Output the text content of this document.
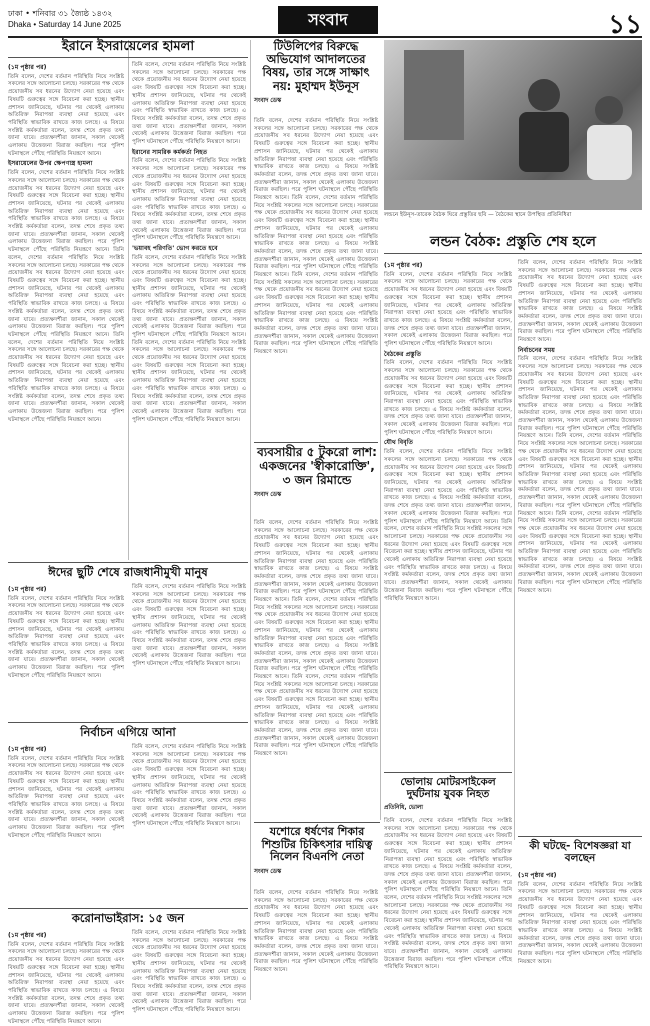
ঢাকা • শনিবার ৩১ জ্যৈষ্ঠ ১৪৩২
Dhaka • Saturday 14 June 2025	সংবাদ	১১
ইরানে ইসরায়েলের হামলা
(১ম পৃষ্ঠার পর)
তিনি বলেন, দেশের বর্তমান পরিস্থিতি নিয়ে সংশ্লিষ্ট সকলের সঙ্গে আলোচনা চলছে। সরকারের পক্ষ থেকে প্রয়োজনীয় সব ধরনের উদ্যোগ নেয়া হয়েছে এবং বিষয়টি গুরুত্বের সঙ্গে বিবেচনা করা হচ্ছে। স্থানীয় প্রশাসন জানিয়েছে, ঘটনার পর থেকেই এলাকায় অতিরিক্ত নিরাপত্তা ব্যবস্থা নেয়া হয়েছে এবং পরিস্থিতি স্বাভাবিক রাখতে কাজ চলছে। এ বিষয়ে সংশ্লিষ্ট কর্মকর্তারা বলেন, তদন্ত শেষে প্রকৃত তথ্য জানা যাবে। প্রত্যক্ষদর্শীরা জানান, সকাল থেকেই এলাকায় উত্তেজনা বিরাজ করছিল। পরে পুলিশ ঘটনাস্থলে পৌঁছে পরিস্থিতি নিয়ন্ত্রণে আনে।
ইসরায়েলের উপর ক্ষেপণাস্ত্র হামলা
তিনি বলেন, দেশের বর্তমান পরিস্থিতি নিয়ে সংশ্লিষ্ট সকলের সঙ্গে আলোচনা চলছে। সরকারের পক্ষ থেকে প্রয়োজনীয় সব ধরনের উদ্যোগ নেয়া হয়েছে এবং বিষয়টি গুরুত্বের সঙ্গে বিবেচনা করা হচ্ছে। স্থানীয় প্রশাসন জানিয়েছে, ঘটনার পর থেকেই এলাকায় অতিরিক্ত নিরাপত্তা ব্যবস্থা নেয়া হয়েছে এবং পরিস্থিতি স্বাভাবিক রাখতে কাজ চলছে। এ বিষয়ে সংশ্লিষ্ট কর্মকর্তারা বলেন, তদন্ত শেষে প্রকৃত তথ্য জানা যাবে। প্রত্যক্ষদর্শীরা জানান, সকাল থেকেই এলাকায় উত্তেজনা বিরাজ করছিল। পরে পুলিশ ঘটনাস্থলে পৌঁছে পরিস্থিতি নিয়ন্ত্রণে আনে। তিনি বলেন, দেশের বর্তমান পরিস্থিতি নিয়ে সংশ্লিষ্ট সকলের সঙ্গে আলোচনা চলছে। সরকারের পক্ষ থেকে প্রয়োজনীয় সব ধরনের উদ্যোগ নেয়া হয়েছে এবং বিষয়টি গুরুত্বের সঙ্গে বিবেচনা করা হচ্ছে। স্থানীয় প্রশাসন জানিয়েছে, ঘটনার পর থেকেই এলাকায় অতিরিক্ত নিরাপত্তা ব্যবস্থা নেয়া হয়েছে এবং পরিস্থিতি স্বাভাবিক রাখতে কাজ চলছে। এ বিষয়ে সংশ্লিষ্ট কর্মকর্তারা বলেন, তদন্ত শেষে প্রকৃত তথ্য জানা যাবে। প্রত্যক্ষদর্শীরা জানান, সকাল থেকেই এলাকায় উত্তেজনা বিরাজ করছিল। পরে পুলিশ ঘটনাস্থলে পৌঁছে পরিস্থিতি নিয়ন্ত্রণে আনে। তিনি বলেন, দেশের বর্তমান পরিস্থিতি নিয়ে সংশ্লিষ্ট সকলের সঙ্গে আলোচনা চলছে। সরকারের পক্ষ থেকে প্রয়োজনীয় সব ধরনের উদ্যোগ নেয়া হয়েছে এবং বিষয়টি গুরুত্বের সঙ্গে বিবেচনা করা হচ্ছে। স্থানীয় প্রশাসন জানিয়েছে, ঘটনার পর থেকেই এলাকায় অতিরিক্ত নিরাপত্তা ব্যবস্থা নেয়া হয়েছে এবং পরিস্থিতি স্বাভাবিক রাখতে কাজ চলছে। এ বিষয়ে সংশ্লিষ্ট কর্মকর্তারা বলেন, তদন্ত শেষে প্রকৃত তথ্য জানা যাবে। প্রত্যক্ষদর্শীরা জানান, সকাল থেকেই এলাকায় উত্তেজনা বিরাজ করছিল। পরে পুলিশ ঘটনাস্থলে পৌঁছে পরিস্থিতি নিয়ন্ত্রণে আনে।
তিনি বলেন, দেশের বর্তমান পরিস্থিতি নিয়ে সংশ্লিষ্ট সকলের সঙ্গে আলোচনা চলছে। সরকারের পক্ষ থেকে প্রয়োজনীয় সব ধরনের উদ্যোগ নেয়া হয়েছে এবং বিষয়টি গুরুত্বের সঙ্গে বিবেচনা করা হচ্ছে। স্থানীয় প্রশাসন জানিয়েছে, ঘটনার পর থেকেই এলাকায় অতিরিক্ত নিরাপত্তা ব্যবস্থা নেয়া হয়েছে এবং পরিস্থিতি স্বাভাবিক রাখতে কাজ চলছে। এ বিষয়ে সংশ্লিষ্ট কর্মকর্তারা বলেন, তদন্ত শেষে প্রকৃত তথ্য জানা যাবে। প্রত্যক্ষদর্শীরা জানান, সকাল থেকেই এলাকায় উত্তেজনা বিরাজ করছিল। পরে পুলিশ ঘটনাস্থলে পৌঁছে পরিস্থিতি নিয়ন্ত্রণে আনে।
ইরানের সামরিক কর্মকর্তা নিহত
তিনি বলেন, দেশের বর্তমান পরিস্থিতি নিয়ে সংশ্লিষ্ট সকলের সঙ্গে আলোচনা চলছে। সরকারের পক্ষ থেকে প্রয়োজনীয় সব ধরনের উদ্যোগ নেয়া হয়েছে এবং বিষয়টি গুরুত্বের সঙ্গে বিবেচনা করা হচ্ছে। স্থানীয় প্রশাসন জানিয়েছে, ঘটনার পর থেকেই এলাকায় অতিরিক্ত নিরাপত্তা ব্যবস্থা নেয়া হয়েছে এবং পরিস্থিতি স্বাভাবিক রাখতে কাজ চলছে। এ বিষয়ে সংশ্লিষ্ট কর্মকর্তারা বলেন, তদন্ত শেষে প্রকৃত তথ্য জানা যাবে। প্রত্যক্ষদর্শীরা জানান, সকাল থেকেই এলাকায় উত্তেজনা বিরাজ করছিল। পরে পুলিশ ঘটনাস্থলে পৌঁছে পরিস্থিতি নিয়ন্ত্রণে আনে।
'ভয়াবহ পরিণতি' ভোগ করতে হবে
তিনি বলেন, দেশের বর্তমান পরিস্থিতি নিয়ে সংশ্লিষ্ট সকলের সঙ্গে আলোচনা চলছে। সরকারের পক্ষ থেকে প্রয়োজনীয় সব ধরনের উদ্যোগ নেয়া হয়েছে এবং বিষয়টি গুরুত্বের সঙ্গে বিবেচনা করা হচ্ছে। স্থানীয় প্রশাসন জানিয়েছে, ঘটনার পর থেকেই এলাকায় অতিরিক্ত নিরাপত্তা ব্যবস্থা নেয়া হয়েছে এবং পরিস্থিতি স্বাভাবিক রাখতে কাজ চলছে। এ বিষয়ে সংশ্লিষ্ট কর্মকর্তারা বলেন, তদন্ত শেষে প্রকৃত তথ্য জানা যাবে। প্রত্যক্ষদর্শীরা জানান, সকাল থেকেই এলাকায় উত্তেজনা বিরাজ করছিল। পরে পুলিশ ঘটনাস্থলে পৌঁছে পরিস্থিতি নিয়ন্ত্রণে আনে। তিনি বলেন, দেশের বর্তমান পরিস্থিতি নিয়ে সংশ্লিষ্ট সকলের সঙ্গে আলোচনা চলছে। সরকারের পক্ষ থেকে প্রয়োজনীয় সব ধরনের উদ্যোগ নেয়া হয়েছে এবং বিষয়টি গুরুত্বের সঙ্গে বিবেচনা করা হচ্ছে। স্থানীয় প্রশাসন জানিয়েছে, ঘটনার পর থেকেই এলাকায় অতিরিক্ত নিরাপত্তা ব্যবস্থা নেয়া হয়েছে এবং পরিস্থিতি স্বাভাবিক রাখতে কাজ চলছে। এ বিষয়ে সংশ্লিষ্ট কর্মকর্তারা বলেন, তদন্ত শেষে প্রকৃত তথ্য জানা যাবে। প্রত্যক্ষদর্শীরা জানান, সকাল থেকেই এলাকায় উত্তেজনা বিরাজ করছিল। পরে পুলিশ ঘটনাস্থলে পৌঁছে পরিস্থিতি নিয়ন্ত্রণে আনে।
টিউলিপের বিরুদ্ধে অভিযোগ আদালতের বিষয়, তার সঙ্গে সাক্ষাৎ নয়: মুহাম্মদ ইউনূস
সংবাদ ডেস্ক
তিনি বলেন, দেশের বর্তমান পরিস্থিতি নিয়ে সংশ্লিষ্ট সকলের সঙ্গে আলোচনা চলছে। সরকারের পক্ষ থেকে প্রয়োজনীয় সব ধরনের উদ্যোগ নেয়া হয়েছে এবং বিষয়টি গুরুত্বের সঙ্গে বিবেচনা করা হচ্ছে। স্থানীয় প্রশাসন জানিয়েছে, ঘটনার পর থেকেই এলাকায় অতিরিক্ত নিরাপত্তা ব্যবস্থা নেয়া হয়েছে এবং পরিস্থিতি স্বাভাবিক রাখতে কাজ চলছে। এ বিষয়ে সংশ্লিষ্ট কর্মকর্তারা বলেন, তদন্ত শেষে প্রকৃত তথ্য জানা যাবে। প্রত্যক্ষদর্শীরা জানান, সকাল থেকেই এলাকায় উত্তেজনা বিরাজ করছিল। পরে পুলিশ ঘটনাস্থলে পৌঁছে পরিস্থিতি নিয়ন্ত্রণে আনে। তিনি বলেন, দেশের বর্তমান পরিস্থিতি নিয়ে সংশ্লিষ্ট সকলের সঙ্গে আলোচনা চলছে। সরকারের পক্ষ থেকে প্রয়োজনীয় সব ধরনের উদ্যোগ নেয়া হয়েছে এবং বিষয়টি গুরুত্বের সঙ্গে বিবেচনা করা হচ্ছে। স্থানীয় প্রশাসন জানিয়েছে, ঘটনার পর থেকেই এলাকায় অতিরিক্ত নিরাপত্তা ব্যবস্থা নেয়া হয়েছে এবং পরিস্থিতি স্বাভাবিক রাখতে কাজ চলছে। এ বিষয়ে সংশ্লিষ্ট কর্মকর্তারা বলেন, তদন্ত শেষে প্রকৃত তথ্য জানা যাবে। প্রত্যক্ষদর্শীরা জানান, সকাল থেকেই এলাকায় উত্তেজনা বিরাজ করছিল। পরে পুলিশ ঘটনাস্থলে পৌঁছে পরিস্থিতি নিয়ন্ত্রণে আনে। তিনি বলেন, দেশের বর্তমান পরিস্থিতি নিয়ে সংশ্লিষ্ট সকলের সঙ্গে আলোচনা চলছে। সরকারের পক্ষ থেকে প্রয়োজনীয় সব ধরনের উদ্যোগ নেয়া হয়েছে এবং বিষয়টি গুরুত্বের সঙ্গে বিবেচনা করা হচ্ছে। স্থানীয় প্রশাসন জানিয়েছে, ঘটনার পর থেকেই এলাকায় অতিরিক্ত নিরাপত্তা ব্যবস্থা নেয়া হয়েছে এবং পরিস্থিতি স্বাভাবিক রাখতে কাজ চলছে। এ বিষয়ে সংশ্লিষ্ট কর্মকর্তারা বলেন, তদন্ত শেষে প্রকৃত তথ্য জানা যাবে। প্রত্যক্ষদর্শীরা জানান, সকাল থেকেই এলাকায় উত্তেজনা বিরাজ করছিল। পরে পুলিশ ঘটনাস্থলে পৌঁছে পরিস্থিতি নিয়ন্ত্রণে আনে।
লন্ডনে ইউনূস-তারেক বৈঠক ঘিরে প্রস্তুতির ছবি — বৈঠকের স্থানে উপস্থিত প্রতিনিধিরা
লন্ডন বৈঠক: প্রস্তুতি শেষ হলে
(১ম পৃষ্ঠার পর)
তিনি বলেন, দেশের বর্তমান পরিস্থিতি নিয়ে সংশ্লিষ্ট সকলের সঙ্গে আলোচনা চলছে। সরকারের পক্ষ থেকে প্রয়োজনীয় সব ধরনের উদ্যোগ নেয়া হয়েছে এবং বিষয়টি গুরুত্বের সঙ্গে বিবেচনা করা হচ্ছে। স্থানীয় প্রশাসন জানিয়েছে, ঘটনার পর থেকেই এলাকায় অতিরিক্ত নিরাপত্তা ব্যবস্থা নেয়া হয়েছে এবং পরিস্থিতি স্বাভাবিক রাখতে কাজ চলছে। এ বিষয়ে সংশ্লিষ্ট কর্মকর্তারা বলেন, তদন্ত শেষে প্রকৃত তথ্য জানা যাবে। প্রত্যক্ষদর্শীরা জানান, সকাল থেকেই এলাকায় উত্তেজনা বিরাজ করছিল। পরে পুলিশ ঘটনাস্থলে পৌঁছে পরিস্থিতি নিয়ন্ত্রণে আনে।
বৈঠকের প্রস্তুতি
তিনি বলেন, দেশের বর্তমান পরিস্থিতি নিয়ে সংশ্লিষ্ট সকলের সঙ্গে আলোচনা চলছে। সরকারের পক্ষ থেকে প্রয়োজনীয় সব ধরনের উদ্যোগ নেয়া হয়েছে এবং বিষয়টি গুরুত্বের সঙ্গে বিবেচনা করা হচ্ছে। স্থানীয় প্রশাসন জানিয়েছে, ঘটনার পর থেকেই এলাকায় অতিরিক্ত নিরাপত্তা ব্যবস্থা নেয়া হয়েছে এবং পরিস্থিতি স্বাভাবিক রাখতে কাজ চলছে। এ বিষয়ে সংশ্লিষ্ট কর্মকর্তারা বলেন, তদন্ত শেষে প্রকৃত তথ্য জানা যাবে। প্রত্যক্ষদর্শীরা জানান, সকাল থেকেই এলাকায় উত্তেজনা বিরাজ করছিল। পরে পুলিশ ঘটনাস্থলে পৌঁছে পরিস্থিতি নিয়ন্ত্রণে আনে।
যৌথ বিবৃতি
তিনি বলেন, দেশের বর্তমান পরিস্থিতি নিয়ে সংশ্লিষ্ট সকলের সঙ্গে আলোচনা চলছে। সরকারের পক্ষ থেকে প্রয়োজনীয় সব ধরনের উদ্যোগ নেয়া হয়েছে এবং বিষয়টি গুরুত্বের সঙ্গে বিবেচনা করা হচ্ছে। স্থানীয় প্রশাসন জানিয়েছে, ঘটনার পর থেকেই এলাকায় অতিরিক্ত নিরাপত্তা ব্যবস্থা নেয়া হয়েছে এবং পরিস্থিতি স্বাভাবিক রাখতে কাজ চলছে। এ বিষয়ে সংশ্লিষ্ট কর্মকর্তারা বলেন, তদন্ত শেষে প্রকৃত তথ্য জানা যাবে। প্রত্যক্ষদর্শীরা জানান, সকাল থেকেই এলাকায় উত্তেজনা বিরাজ করছিল। পরে পুলিশ ঘটনাস্থলে পৌঁছে পরিস্থিতি নিয়ন্ত্রণে আনে। তিনি বলেন, দেশের বর্তমান পরিস্থিতি নিয়ে সংশ্লিষ্ট সকলের সঙ্গে আলোচনা চলছে। সরকারের পক্ষ থেকে প্রয়োজনীয় সব ধরনের উদ্যোগ নেয়া হয়েছে এবং বিষয়টি গুরুত্বের সঙ্গে বিবেচনা করা হচ্ছে। স্থানীয় প্রশাসন জানিয়েছে, ঘটনার পর থেকেই এলাকায় অতিরিক্ত নিরাপত্তা ব্যবস্থা নেয়া হয়েছে এবং পরিস্থিতি স্বাভাবিক রাখতে কাজ চলছে। এ বিষয়ে সংশ্লিষ্ট কর্মকর্তারা বলেন, তদন্ত শেষে প্রকৃত তথ্য জানা যাবে। প্রত্যক্ষদর্শীরা জানান, সকাল থেকেই এলাকায় উত্তেজনা বিরাজ করছিল। পরে পুলিশ ঘটনাস্থলে পৌঁছে পরিস্থিতি নিয়ন্ত্রণে আনে।
তিনি বলেন, দেশের বর্তমান পরিস্থিতি নিয়ে সংশ্লিষ্ট সকলের সঙ্গে আলোচনা চলছে। সরকারের পক্ষ থেকে প্রয়োজনীয় সব ধরনের উদ্যোগ নেয়া হয়েছে এবং বিষয়টি গুরুত্বের সঙ্গে বিবেচনা করা হচ্ছে। স্থানীয় প্রশাসন জানিয়েছে, ঘটনার পর থেকেই এলাকায় অতিরিক্ত নিরাপত্তা ব্যবস্থা নেয়া হয়েছে এবং পরিস্থিতি স্বাভাবিক রাখতে কাজ চলছে। এ বিষয়ে সংশ্লিষ্ট কর্মকর্তারা বলেন, তদন্ত শেষে প্রকৃত তথ্য জানা যাবে। প্রত্যক্ষদর্শীরা জানান, সকাল থেকেই এলাকায় উত্তেজনা বিরাজ করছিল। পরে পুলিশ ঘটনাস্থলে পৌঁছে পরিস্থিতি নিয়ন্ত্রণে আনে।
নির্বাচনের সময়
তিনি বলেন, দেশের বর্তমান পরিস্থিতি নিয়ে সংশ্লিষ্ট সকলের সঙ্গে আলোচনা চলছে। সরকারের পক্ষ থেকে প্রয়োজনীয় সব ধরনের উদ্যোগ নেয়া হয়েছে এবং বিষয়টি গুরুত্বের সঙ্গে বিবেচনা করা হচ্ছে। স্থানীয় প্রশাসন জানিয়েছে, ঘটনার পর থেকেই এলাকায় অতিরিক্ত নিরাপত্তা ব্যবস্থা নেয়া হয়েছে এবং পরিস্থিতি স্বাভাবিক রাখতে কাজ চলছে। এ বিষয়ে সংশ্লিষ্ট কর্মকর্তারা বলেন, তদন্ত শেষে প্রকৃত তথ্য জানা যাবে। প্রত্যক্ষদর্শীরা জানান, সকাল থেকেই এলাকায় উত্তেজনা বিরাজ করছিল। পরে পুলিশ ঘটনাস্থলে পৌঁছে পরিস্থিতি নিয়ন্ত্রণে আনে। তিনি বলেন, দেশের বর্তমান পরিস্থিতি নিয়ে সংশ্লিষ্ট সকলের সঙ্গে আলোচনা চলছে। সরকারের পক্ষ থেকে প্রয়োজনীয় সব ধরনের উদ্যোগ নেয়া হয়েছে এবং বিষয়টি গুরুত্বের সঙ্গে বিবেচনা করা হচ্ছে। স্থানীয় প্রশাসন জানিয়েছে, ঘটনার পর থেকেই এলাকায় অতিরিক্ত নিরাপত্তা ব্যবস্থা নেয়া হয়েছে এবং পরিস্থিতি স্বাভাবিক রাখতে কাজ চলছে। এ বিষয়ে সংশ্লিষ্ট কর্মকর্তারা বলেন, তদন্ত শেষে প্রকৃত তথ্য জানা যাবে। প্রত্যক্ষদর্শীরা জানান, সকাল থেকেই এলাকায় উত্তেজনা বিরাজ করছিল। পরে পুলিশ ঘটনাস্থলে পৌঁছে পরিস্থিতি নিয়ন্ত্রণে আনে। তিনি বলেন, দেশের বর্তমান পরিস্থিতি নিয়ে সংশ্লিষ্ট সকলের সঙ্গে আলোচনা চলছে। সরকারের পক্ষ থেকে প্রয়োজনীয় সব ধরনের উদ্যোগ নেয়া হয়েছে এবং বিষয়টি গুরুত্বের সঙ্গে বিবেচনা করা হচ্ছে। স্থানীয় প্রশাসন জানিয়েছে, ঘটনার পর থেকেই এলাকায় অতিরিক্ত নিরাপত্তা ব্যবস্থা নেয়া হয়েছে এবং পরিস্থিতি স্বাভাবিক রাখতে কাজ চলছে। এ বিষয়ে সংশ্লিষ্ট কর্মকর্তারা বলেন, তদন্ত শেষে প্রকৃত তথ্য জানা যাবে। প্রত্যক্ষদর্শীরা জানান, সকাল থেকেই এলাকায় উত্তেজনা বিরাজ করছিল। পরে পুলিশ ঘটনাস্থলে পৌঁছে পরিস্থিতি নিয়ন্ত্রণে আনে।
ব্যবসায়ীর ৫ টুকরো লাশ: একজনের 'স্বীকারোক্তি', ৩ জন রিমান্ডে
সংবাদ ডেস্ক
তিনি বলেন, দেশের বর্তমান পরিস্থিতি নিয়ে সংশ্লিষ্ট সকলের সঙ্গে আলোচনা চলছে। সরকারের পক্ষ থেকে প্রয়োজনীয় সব ধরনের উদ্যোগ নেয়া হয়েছে এবং বিষয়টি গুরুত্বের সঙ্গে বিবেচনা করা হচ্ছে। স্থানীয় প্রশাসন জানিয়েছে, ঘটনার পর থেকেই এলাকায় অতিরিক্ত নিরাপত্তা ব্যবস্থা নেয়া হয়েছে এবং পরিস্থিতি স্বাভাবিক রাখতে কাজ চলছে। এ বিষয়ে সংশ্লিষ্ট কর্মকর্তারা বলেন, তদন্ত শেষে প্রকৃত তথ্য জানা যাবে। প্রত্যক্ষদর্শীরা জানান, সকাল থেকেই এলাকায় উত্তেজনা বিরাজ করছিল। পরে পুলিশ ঘটনাস্থলে পৌঁছে পরিস্থিতি নিয়ন্ত্রণে আনে। তিনি বলেন, দেশের বর্তমান পরিস্থিতি নিয়ে সংশ্লিষ্ট সকলের সঙ্গে আলোচনা চলছে। সরকারের পক্ষ থেকে প্রয়োজনীয় সব ধরনের উদ্যোগ নেয়া হয়েছে এবং বিষয়টি গুরুত্বের সঙ্গে বিবেচনা করা হচ্ছে। স্থানীয় প্রশাসন জানিয়েছে, ঘটনার পর থেকেই এলাকায় অতিরিক্ত নিরাপত্তা ব্যবস্থা নেয়া হয়েছে এবং পরিস্থিতি স্বাভাবিক রাখতে কাজ চলছে। এ বিষয়ে সংশ্লিষ্ট কর্মকর্তারা বলেন, তদন্ত শেষে প্রকৃত তথ্য জানা যাবে। প্রত্যক্ষদর্শীরা জানান, সকাল থেকেই এলাকায় উত্তেজনা বিরাজ করছিল। পরে পুলিশ ঘটনাস্থলে পৌঁছে পরিস্থিতি নিয়ন্ত্রণে আনে। তিনি বলেন, দেশের বর্তমান পরিস্থিতি নিয়ে সংশ্লিষ্ট সকলের সঙ্গে আলোচনা চলছে। সরকারের পক্ষ থেকে প্রয়োজনীয় সব ধরনের উদ্যোগ নেয়া হয়েছে এবং বিষয়টি গুরুত্বের সঙ্গে বিবেচনা করা হচ্ছে। স্থানীয় প্রশাসন জানিয়েছে, ঘটনার পর থেকেই এলাকায় অতিরিক্ত নিরাপত্তা ব্যবস্থা নেয়া হয়েছে এবং পরিস্থিতি স্বাভাবিক রাখতে কাজ চলছে। এ বিষয়ে সংশ্লিষ্ট কর্মকর্তারা বলেন, তদন্ত শেষে প্রকৃত তথ্য জানা যাবে। প্রত্যক্ষদর্শীরা জানান, সকাল থেকেই এলাকায় উত্তেজনা বিরাজ করছিল। পরে পুলিশ ঘটনাস্থলে পৌঁছে পরিস্থিতি নিয়ন্ত্রণে আনে।
ঈদের ছুটি শেষে রাজধানীমুখী মানুষ
(১ম পৃষ্ঠার পর)
তিনি বলেন, দেশের বর্তমান পরিস্থিতি নিয়ে সংশ্লিষ্ট সকলের সঙ্গে আলোচনা চলছে। সরকারের পক্ষ থেকে প্রয়োজনীয় সব ধরনের উদ্যোগ নেয়া হয়েছে এবং বিষয়টি গুরুত্বের সঙ্গে বিবেচনা করা হচ্ছে। স্থানীয় প্রশাসন জানিয়েছে, ঘটনার পর থেকেই এলাকায় অতিরিক্ত নিরাপত্তা ব্যবস্থা নেয়া হয়েছে এবং পরিস্থিতি স্বাভাবিক রাখতে কাজ চলছে। এ বিষয়ে সংশ্লিষ্ট কর্মকর্তারা বলেন, তদন্ত শেষে প্রকৃত তথ্য জানা যাবে। প্রত্যক্ষদর্শীরা জানান, সকাল থেকেই এলাকায় উত্তেজনা বিরাজ করছিল। পরে পুলিশ ঘটনাস্থলে পৌঁছে পরিস্থিতি নিয়ন্ত্রণে আনে।
তিনি বলেন, দেশের বর্তমান পরিস্থিতি নিয়ে সংশ্লিষ্ট সকলের সঙ্গে আলোচনা চলছে। সরকারের পক্ষ থেকে প্রয়োজনীয় সব ধরনের উদ্যোগ নেয়া হয়েছে এবং বিষয়টি গুরুত্বের সঙ্গে বিবেচনা করা হচ্ছে। স্থানীয় প্রশাসন জানিয়েছে, ঘটনার পর থেকেই এলাকায় অতিরিক্ত নিরাপত্তা ব্যবস্থা নেয়া হয়েছে এবং পরিস্থিতি স্বাভাবিক রাখতে কাজ চলছে। এ বিষয়ে সংশ্লিষ্ট কর্মকর্তারা বলেন, তদন্ত শেষে প্রকৃত তথ্য জানা যাবে। প্রত্যক্ষদর্শীরা জানান, সকাল থেকেই এলাকায় উত্তেজনা বিরাজ করছিল। পরে পুলিশ ঘটনাস্থলে পৌঁছে পরিস্থিতি নিয়ন্ত্রণে আনে।
নির্বাচন এগিয়ে আনা
(১ম পৃষ্ঠার পর)
তিনি বলেন, দেশের বর্তমান পরিস্থিতি নিয়ে সংশ্লিষ্ট সকলের সঙ্গে আলোচনা চলছে। সরকারের পক্ষ থেকে প্রয়োজনীয় সব ধরনের উদ্যোগ নেয়া হয়েছে এবং বিষয়টি গুরুত্বের সঙ্গে বিবেচনা করা হচ্ছে। স্থানীয় প্রশাসন জানিয়েছে, ঘটনার পর থেকেই এলাকায় অতিরিক্ত নিরাপত্তা ব্যবস্থা নেয়া হয়েছে এবং পরিস্থিতি স্বাভাবিক রাখতে কাজ চলছে। এ বিষয়ে সংশ্লিষ্ট কর্মকর্তারা বলেন, তদন্ত শেষে প্রকৃত তথ্য জানা যাবে। প্রত্যক্ষদর্শীরা জানান, সকাল থেকেই এলাকায় উত্তেজনা বিরাজ করছিল। পরে পুলিশ ঘটনাস্থলে পৌঁছে পরিস্থিতি নিয়ন্ত্রণে আনে।
তিনি বলেন, দেশের বর্তমান পরিস্থিতি নিয়ে সংশ্লিষ্ট সকলের সঙ্গে আলোচনা চলছে। সরকারের পক্ষ থেকে প্রয়োজনীয় সব ধরনের উদ্যোগ নেয়া হয়েছে এবং বিষয়টি গুরুত্বের সঙ্গে বিবেচনা করা হচ্ছে। স্থানীয় প্রশাসন জানিয়েছে, ঘটনার পর থেকেই এলাকায় অতিরিক্ত নিরাপত্তা ব্যবস্থা নেয়া হয়েছে এবং পরিস্থিতি স্বাভাবিক রাখতে কাজ চলছে। এ বিষয়ে সংশ্লিষ্ট কর্মকর্তারা বলেন, তদন্ত শেষে প্রকৃত তথ্য জানা যাবে। প্রত্যক্ষদর্শীরা জানান, সকাল থেকেই এলাকায় উত্তেজনা বিরাজ করছিল। পরে পুলিশ ঘটনাস্থলে পৌঁছে পরিস্থিতি নিয়ন্ত্রণে আনে।
করোনাভাইরাস: ১৫ জন
(১ম পৃষ্ঠার পর)
তিনি বলেন, দেশের বর্তমান পরিস্থিতি নিয়ে সংশ্লিষ্ট সকলের সঙ্গে আলোচনা চলছে। সরকারের পক্ষ থেকে প্রয়োজনীয় সব ধরনের উদ্যোগ নেয়া হয়েছে এবং বিষয়টি গুরুত্বের সঙ্গে বিবেচনা করা হচ্ছে। স্থানীয় প্রশাসন জানিয়েছে, ঘটনার পর থেকেই এলাকায় অতিরিক্ত নিরাপত্তা ব্যবস্থা নেয়া হয়েছে এবং পরিস্থিতি স্বাভাবিক রাখতে কাজ চলছে। এ বিষয়ে সংশ্লিষ্ট কর্মকর্তারা বলেন, তদন্ত শেষে প্রকৃত তথ্য জানা যাবে। প্রত্যক্ষদর্শীরা জানান, সকাল থেকেই এলাকায় উত্তেজনা বিরাজ করছিল। পরে পুলিশ ঘটনাস্থলে পৌঁছে পরিস্থিতি নিয়ন্ত্রণে আনে।
তিনি বলেন, দেশের বর্তমান পরিস্থিতি নিয়ে সংশ্লিষ্ট সকলের সঙ্গে আলোচনা চলছে। সরকারের পক্ষ থেকে প্রয়োজনীয় সব ধরনের উদ্যোগ নেয়া হয়েছে এবং বিষয়টি গুরুত্বের সঙ্গে বিবেচনা করা হচ্ছে। স্থানীয় প্রশাসন জানিয়েছে, ঘটনার পর থেকেই এলাকায় অতিরিক্ত নিরাপত্তা ব্যবস্থা নেয়া হয়েছে এবং পরিস্থিতি স্বাভাবিক রাখতে কাজ চলছে। এ বিষয়ে সংশ্লিষ্ট কর্মকর্তারা বলেন, তদন্ত শেষে প্রকৃত তথ্য জানা যাবে। প্রত্যক্ষদর্শীরা জানান, সকাল থেকেই এলাকায় উত্তেজনা বিরাজ করছিল। পরে পুলিশ ঘটনাস্থলে পৌঁছে পরিস্থিতি নিয়ন্ত্রণে আনে।
যশোরে ধর্ষণের শিকার শিশুটির চিকিৎসার দায়িত্ব নিলেন বিএনপি নেতা
সংবাদ ডেস্ক
তিনি বলেন, দেশের বর্তমান পরিস্থিতি নিয়ে সংশ্লিষ্ট সকলের সঙ্গে আলোচনা চলছে। সরকারের পক্ষ থেকে প্রয়োজনীয় সব ধরনের উদ্যোগ নেয়া হয়েছে এবং বিষয়টি গুরুত্বের সঙ্গে বিবেচনা করা হচ্ছে। স্থানীয় প্রশাসন জানিয়েছে, ঘটনার পর থেকেই এলাকায় অতিরিক্ত নিরাপত্তা ব্যবস্থা নেয়া হয়েছে এবং পরিস্থিতি স্বাভাবিক রাখতে কাজ চলছে। এ বিষয়ে সংশ্লিষ্ট কর্মকর্তারা বলেন, তদন্ত শেষে প্রকৃত তথ্য জানা যাবে। প্রত্যক্ষদর্শীরা জানান, সকাল থেকেই এলাকায় উত্তেজনা বিরাজ করছিল। পরে পুলিশ ঘটনাস্থলে পৌঁছে পরিস্থিতি নিয়ন্ত্রণে আনে।
ভোলায় মোটরসাইকেল দুর্ঘটনায় যুবক নিহত
প্রতিনিধি, ভোলা
তিনি বলেন, দেশের বর্তমান পরিস্থিতি নিয়ে সংশ্লিষ্ট সকলের সঙ্গে আলোচনা চলছে। সরকারের পক্ষ থেকে প্রয়োজনীয় সব ধরনের উদ্যোগ নেয়া হয়েছে এবং বিষয়টি গুরুত্বের সঙ্গে বিবেচনা করা হচ্ছে। স্থানীয় প্রশাসন জানিয়েছে, ঘটনার পর থেকেই এলাকায় অতিরিক্ত নিরাপত্তা ব্যবস্থা নেয়া হয়েছে এবং পরিস্থিতি স্বাভাবিক রাখতে কাজ চলছে। এ বিষয়ে সংশ্লিষ্ট কর্মকর্তারা বলেন, তদন্ত শেষে প্রকৃত তথ্য জানা যাবে। প্রত্যক্ষদর্শীরা জানান, সকাল থেকেই এলাকায় উত্তেজনা বিরাজ করছিল। পরে পুলিশ ঘটনাস্থলে পৌঁছে পরিস্থিতি নিয়ন্ত্রণে আনে। তিনি বলেন, দেশের বর্তমান পরিস্থিতি নিয়ে সংশ্লিষ্ট সকলের সঙ্গে আলোচনা চলছে। সরকারের পক্ষ থেকে প্রয়োজনীয় সব ধরনের উদ্যোগ নেয়া হয়েছে এবং বিষয়টি গুরুত্বের সঙ্গে বিবেচনা করা হচ্ছে। স্থানীয় প্রশাসন জানিয়েছে, ঘটনার পর থেকেই এলাকায় অতিরিক্ত নিরাপত্তা ব্যবস্থা নেয়া হয়েছে এবং পরিস্থিতি স্বাভাবিক রাখতে কাজ চলছে। এ বিষয়ে সংশ্লিষ্ট কর্মকর্তারা বলেন, তদন্ত শেষে প্রকৃত তথ্য জানা যাবে। প্রত্যক্ষদর্শীরা জানান, সকাল থেকেই এলাকায় উত্তেজনা বিরাজ করছিল। পরে পুলিশ ঘটনাস্থলে পৌঁছে পরিস্থিতি নিয়ন্ত্রণে আনে।
কী ঘটছে- বিশেষজ্ঞরা যা বলছেন
(১ম পৃষ্ঠার পর)
তিনি বলেন, দেশের বর্তমান পরিস্থিতি নিয়ে সংশ্লিষ্ট সকলের সঙ্গে আলোচনা চলছে। সরকারের পক্ষ থেকে প্রয়োজনীয় সব ধরনের উদ্যোগ নেয়া হয়েছে এবং বিষয়টি গুরুত্বের সঙ্গে বিবেচনা করা হচ্ছে। স্থানীয় প্রশাসন জানিয়েছে, ঘটনার পর থেকেই এলাকায় অতিরিক্ত নিরাপত্তা ব্যবস্থা নেয়া হয়েছে এবং পরিস্থিতি স্বাভাবিক রাখতে কাজ চলছে। এ বিষয়ে সংশ্লিষ্ট কর্মকর্তারা বলেন, তদন্ত শেষে প্রকৃত তথ্য জানা যাবে। প্রত্যক্ষদর্শীরা জানান, সকাল থেকেই এলাকায় উত্তেজনা বিরাজ করছিল। পরে পুলিশ ঘটনাস্থলে পৌঁছে পরিস্থিতি নিয়ন্ত্রণে আনে।
